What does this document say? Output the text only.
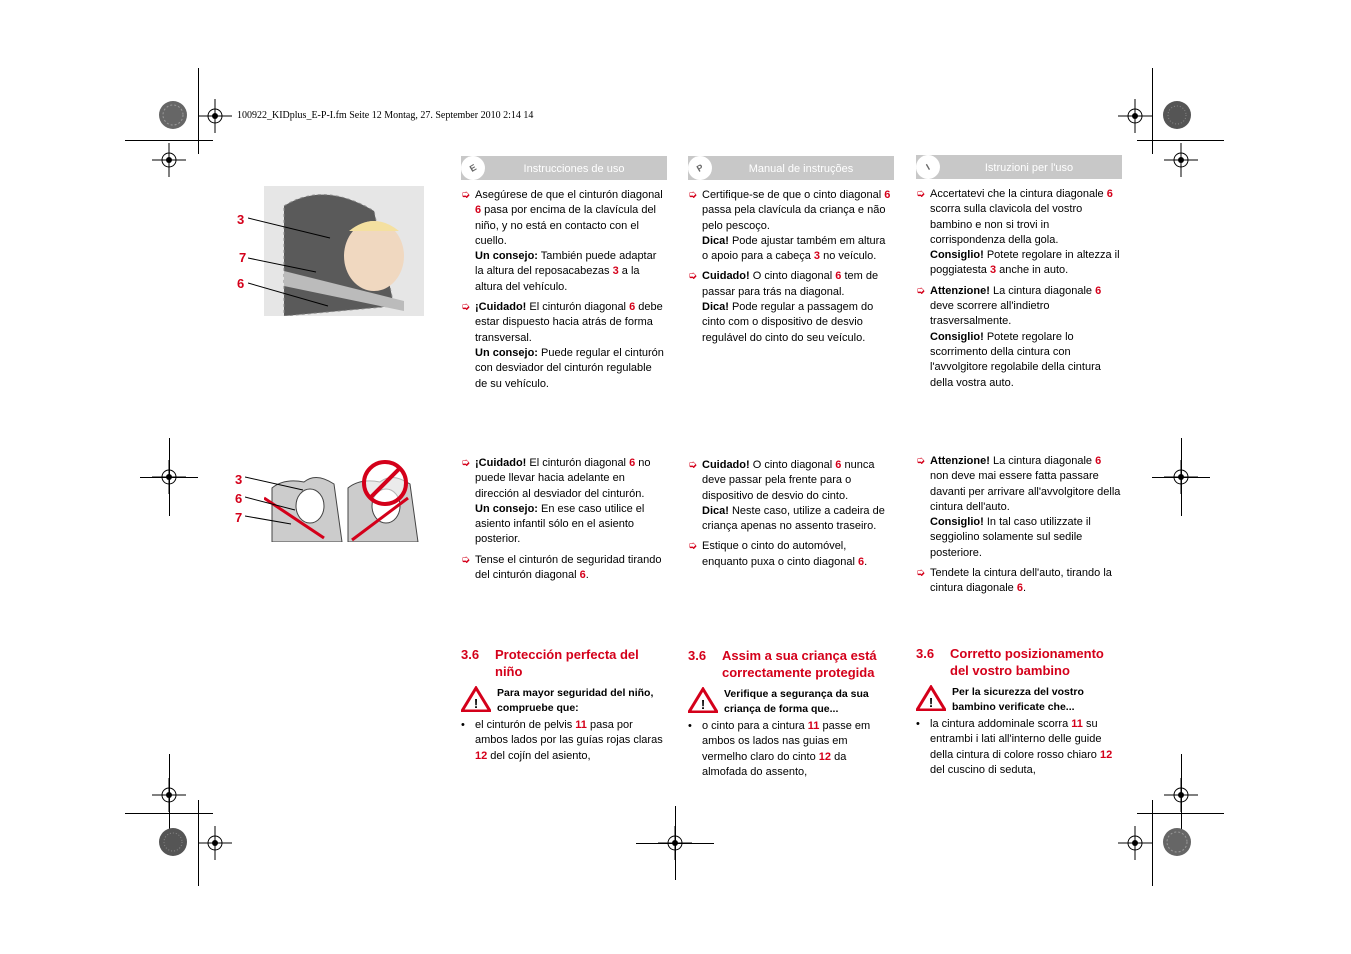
100922_KIDplus_E-P-I.fm Seite 12 Montag, 27. September 2010 2:14 14
E	Instrucciones de uso	P	Manual de instruções	I	Istruzioni per l'uso
3
7
6
3
6
7
➭ Asegúrese de que el cinturón diagonal 6 pasa por encima de la clavícula del niño, y no está en contacto con el cuello.
Un consejo: También puede adaptar la altura del reposacabezas 3 a la altura del vehículo.
➭ ¡Cuidado! El cinturón diagonal 6 debe estar dispuesto hacia atrás de forma transversal.
Un consejo: Puede regular el cinturón con desviador del cinturón regulable de su vehículo.
➭ ¡Cuidado! El cinturón diagonal 6 no puede llevar hacia adelante en dirección al desviador del cinturón.
Un consejo: En ese caso utilice el asiento infantil sólo en el asiento posterior.
➭ Tense el cinturón de seguridad tirando del cinturón diagonal 6.
3.6 Protección perfecta del niño
!
Para mayor seguridad del niño, compruebe que:
• el cinturón de pelvis 11 pasa por ambos lados por las guías rojas claras 12 del cojín del asiento,
➭ Certifique-se de que o cinto diagonal 6 passa pela clavícula da criança e não pelo pescoço.
Dica! Pode ajustar também em altura o apoio para a cabeça 3 no veículo.
➭ Cuidado! O cinto diagonal 6 tem de passar para trás na diagonal.
Dica! Pode regular a passagem do cinto com o dispositivo de desvio regulável do cinto do seu veículo.
➭ Cuidado! O cinto diagonal 6 nunca deve passar pela frente para o dispositivo de desvio do cinto.
Dica! Neste caso, utilize a cadeira de criança apenas no assento traseiro.
➭ Estique o cinto do automóvel, enquanto puxa o cinto diagonal 6.
3.6 Assim a sua criança está correctamente protegida
!
Verifique a segurança da sua criança de forma que...
• o cinto para a cintura 11 passe em ambos os lados nas guias em vermelho claro do cinto 12 da almofada do assento,
➭ Accertatevi che la cintura diagonale 6 scorra sulla clavicola del vostro bambino e non si trovi in corrispondenza della gola.
Consiglio! Potete regolare in altezza il poggiatesta 3 anche in auto.
➭ Attenzione! La cintura diagonale 6 deve scorrere all'indietro trasversalmente.
Consiglio! Potete regolare lo scorrimento della cintura con l'avvolgitore regolabile della cintura della vostra auto.
➭ Attenzione! La cintura diagonale 6 non deve mai essere fatta passare davanti per arrivare all'avvolgitore della cintura dell'auto.
Consiglio! In tal caso utilizzate il seggiolino solamente sul sedile posteriore.
➭ Tendete la cintura dell'auto, tirando la cintura diagonale 6.
3.6 Corretto posizionamento del vostro bambino
!
Per la sicurezza del vostro bambino verificate che...
• la cintura addominale scorra 11 su entrambi i lati all'interno delle guide della cintura di colore rosso chiaro 12 del cuscino di seduta,
